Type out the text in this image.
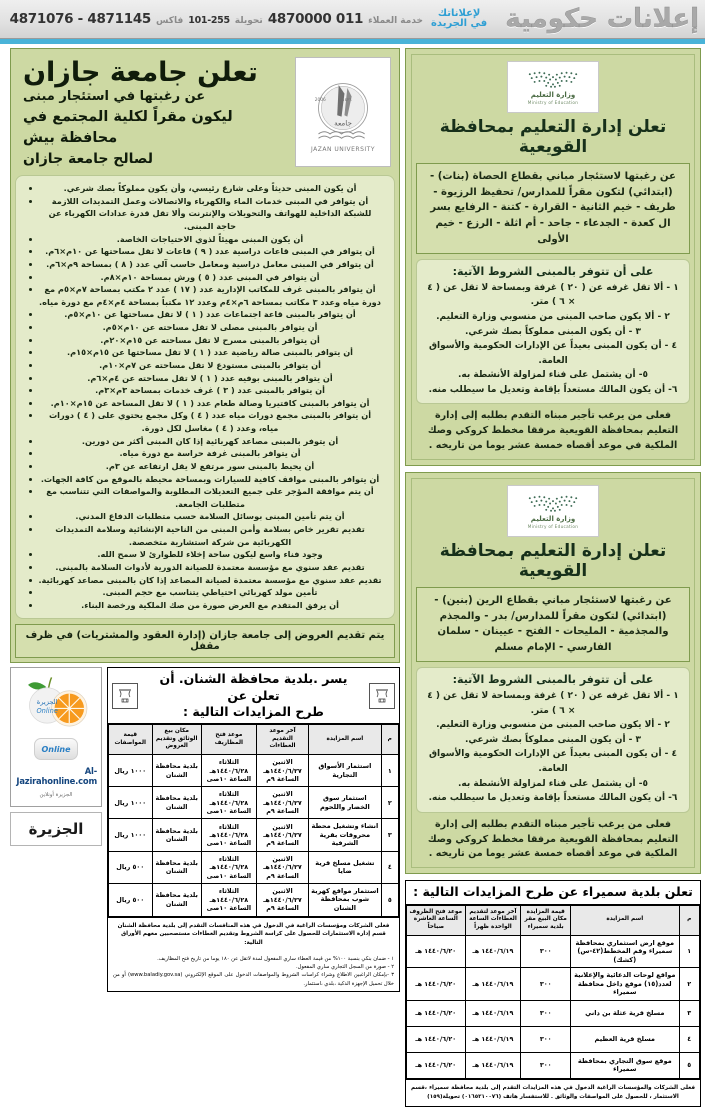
إعلانات حكومية
لإعلاناتك
في الجريدة
خدمة العملاء
011 4870000
تحويلة
101-255
فاكس
4871145 - 4871076
وزارة التعليم
Ministry of Education
تعلن إدارة التعليم بمحافظة القويعية
عن رغبتها لاستئجار مباني بقطاع الحصاة (بنات) - (ابتدائي) لتكون مقراً للمدارس/ تحفيظ الرزيوة - طريف - خيم الثانية - القرارة - كتنة - الرفايع بسر ال كعدة - الجدعاء - جاحد - أم اثلة - الرزع - خيم الأولى
على أن تتوفر بالمبنى الشروط الآتية:
١ - ألا تقل غرفه عن ( ٢٠ ) غرفة وبمساحة لا تقل عن ( ٤ × ٦ ) متر.
٢ - ألا يكون صاحب المبنى من منسوبي وزارة التعليم.
٣ - أن يكون المبنى مملوكاً بصك شرعي.
٤ - أن يكون المبنى بعيداً عن الإدارات الحكومية والأسواق العامة.
٥- أن يشتمل على فناء لمزاولة الأنشطة به.
٦- أن يكون المالك مستعداً بإقامة وتعديل ما سيطلب منه.
فعلى من يرغب تأجير مبناه التقدم بطلبه إلى إدارة التعليم بمحافظة القويعية مرفقا مخطط كروكي وصك الملكية في موعد أقصاه خمسة عشر يوما من تاريخه .
وزارة التعليم
Ministry of Education
تعلن إدارة التعليم بمحافظة القويعية
عن رغبتها لاستئجار مباني بقطاع الرين (بنين) - (ابتدائي) لتكون مقراً للمدارس/ بدر - والمجذم والمجذمية - المليحات - الفتح - عيينان - سلمان الفارسي - الإمام مسلم
على أن تتوفر بالمبنى الشروط الآتية:
١ - ألا تقل غرفه عن ( ٢٠ ) غرفة وبمساحة لا تقل عن ( ٤ × ٦ ) متر.
٢ - ألا يكون صاحب المبنى من منسوبي وزارة التعليم.
٣ - أن يكون المبنى مملوكاً بصك شرعي.
٤ - أن يكون المبنى بعيداً عن الإدارات الحكومية والأسواق العامة.
٥- أن يشتمل على فناء لمزاولة الأنشطة به.
٦- أن يكون المالك مستعداً بإقامة وتعديل ما سيطلب منه.
فعلى من يرغب تأجير مبناه التقدم بطلبه إلى إدارة التعليم بمحافظة القويعية مرفقا مخطط كروكي وصك الملكية في موعد أقصاه خمسة عشر يوما من تاريخه .
تعلن بلدية سميراء عن طرح المزايدات التالية :
م	اسم المزايدة	قيمة المزايدة مكان البيع مقر بلدية سميراء	آخر موعد لتقديم العطاءات الساعة الواحدة ظهراً	موعد فتح الظروف الساعة العاشرة صباحاً
١	موقع ارض استثماري بمحافظة سميراء وقم المخطط(٤٢-س) (كشك)	٣٠٠	١٤٤٠/٦/١٩ هـ	١٤٤٠/٦/٢٠ هـ
٢	مواقع لوحات الدعائية والإعلانية لعدد(١٥) موقع داخل محافظة سميراء	٣٠٠	١٤٤٠/٦/١٩ هـ	١٤٤٠/٦/٢٠ هـ
٣	مسلخ قرية عثلة بن داني	٣٠٠	١٤٤٠/٦/١٩ هـ	١٤٤٠/٦/٢٠ هـ
٤	مسلخ قرية العظيم	٣٠٠	١٤٤٠/٦/١٩ هـ	١٤٤٠/٦/٢٠ هـ
٥	موقع سوق التجاري بمحافظة سميراء	٣٠٠	١٤٤٠/٦/١٩ هـ	١٤٤٠/٦/٢٠ هـ
فعلى الشركات والمؤسسات الراغبة الدخول في هذه المزايدات التقدم إلى بلدية محافظة سميراء ،قسم الاستثمار ، للحصول على المواصفات والوثائق . للاستفسار هاتف (٠١٦٥٢١٠٠٧٦) تحويلة(١٥٩)
2006	١٤٢٦
جامعة
JAZAN UNIVERSITY
تعلن جامعة جازان
عن رغبتها في استئجار مبنى
ليكون مقراً لكلية المجتمع في محافظة بيش
لصالح جامعة جازان
أن يكون المبنى حديثاً وعلى شارع رئيسي، وأن يكون مملوكاً بصك شرعي.
أن يتوافر في المبنى خدمات الماء والكهرباء والاتصالات وعمل التمديدات اللازمة للشبكة الداخلية للهواتف والتحويلات والإنترنت وألا تقل قدرة عدادات الكهرباء عن حاجة المبنى.
أن يكون المبنى مهيئاً لذوي الاحتياجات الخاصة.
أن يتوافر في المبنى قاعات دراسية عدد ( ٩ ) قاعات لا تقل مساحتها عن ١٠م×٦م.
أن يتوافر في المبنى معامل دراسية ومعامل حاسب آلي عدد ( ٨ ) بمساحة ٩م×٦م.
أن يتوافر في المبنى عدد ( ٥ ) ورش بمساحة ١٠م×٨م.
أن يتوافر بالمبنى غرف للمكاتب الإدارية عدد ( ١٧ ) عدد ٢ مكتب بمساحة ٧م×٥م مع دورة مياه وعدد ٣ مكاتب بمساحة ٦م×٤م وعدد ١٢ مكتباً بمساحة ٤م×٤م مع دورة مياه.
أن يتوافر بالمبنى قاعة اجتماعات عدد ( ١ ) لا تقل مساحتها عن ١٠م×٥م.
أن يتوافر بالمبنى مصلى لا تقل مساحته عن ١٠م×٥م.
أن يتوافر بالمبنى مسرح لا تقل مساحته عن ١٥م×٢٠م.
أن يتوافر بالمبنى صالة رياضية عدد ( ١ ) لا تقل مساحتها عن ١٥م×١٥م.
أن يتوافر بالمبنى مستودع لا تقل مساحته عن ٧م×١٠م.
أن يتوافر بالمبنى بوفيه عدد ( ١ ) لا تقل مساحته عن ٤م×٦م.
أن يتوافر بالمبنى عدد ( ٣ ) غرف خدمات بمساحة ٣م×٣م.
أن يتوافر بالمبنى كافتيريا وصالة طعام عدد ( ١ ) لا تقل المساحة عن ١٥م×١٠م.
أن يتوافر بالمبنى مجمع دورات مياه عدد ( ٤ ) وكل مجمع يحتوي على ( ٤ ) دورات مياه، وعدد ( ٤ ) مغاسل لكل دورة.
أن يتوفر بالمبنى مصاعد كهربائية إذا كان المبنى أكثر من دورين.
أن يتوافر بالمبنى غرفة حراسة مع دورة مياه.
أن يحيط بالمبنى سور مرتفع لا يقل ارتفاعه عن ٣م.
أن يتوافر بالمبنى مواقف كافية للسيارات وبمساحة محيطة بالموقع من كافة الجهات.
أن يتم موافقة المؤجر على جميع التعديلات المطلوبة والمواصفات التي تتناسب مع متطلبات الجامعة.
أن يتم تأمين المبنى بوسائل السلامة حسب متطلبات الدفاع المدني.
تقديم تقرير خاص بسلامة وأمن المبنى من الناحية الإنشائية وسلامة التمديدات الكهربائية من شركة استشارية متخصصة.
وجود فناء واسع ليكون ساحة إخلاء للطوارئ لا سمح الله.
تقديم عقد سنوي مع مؤسسة معتمدة للصيانة الدورية لأدوات السلامة بالمبنى.
تقديم عقد سنوي مع مؤسسة معتمدة لصيانة المصاعد إذا كان بالمبنى مصاعد كهربائية.
تأمين مولد كهربائي احتياطي يتناسب مع حجم المبنى.
أن يرفق المتقدم مع العرض صورة من صك الملكية ورخصة البناء.
يتم تقديم العروض إلى جامعة جازان (إدارة العقود والمشتريات) في ظرف مقفل
يسر .بلدية محافظة الشنان. أن تعلن عن
طرح المزايدات التالية :
م	اسم المزايدة	آخر موعد التقديم العطاءات	موعد فتح المظاريف	مكان بيع الوثائق وتقديم العروض	قيمة المواصفات
١	استثمار الأسواق التجارية	الاثنين ١٤٤٠/٦/٢٧هـ الساعة ٩م	الثلاثاء ١٤٤٠/٦/٢٨هـ الساعة ١٠صى	بلدية محافظة الشنان	١٠٠٠ ريال
٢	استثمار سوق الخضار واللحوم	الاثنين ١٤٤٠/٦/٢٧هـ الساعة ٩م	الثلاثاء ١٤٤٠/٦/٢٨هـ الساعة ١٠صى	بلدية محافظة الشنان	١٠٠٠ ريال
٣	انشاء وتشغيل محطة محروقات بقرية الشرفية	الاثنين ١٤٤٠/٦/٢٧هـ الساعة ٩م	الثلاثاء ١٤٤٠/٦/٢٨هـ الساعة ١٠صى	بلدية محافظة الشنان	١٠٠٠ ريال
٤	تشغيل مسلخ قرية ضايا	الاثنين ١٤٤٠/٦/٢٧هـ الساعة ٩م	الثلاثاء ١٤٤٠/٦/٢٨هـ الساعة ١٠صى	بلدية محافظة الشنان	٥٠٠ ريال
٥	استثمار مواقع كهربة شوب بمحافظة الشنان	الاثنين ١٤٤٠/٦/٢٧هـ الساعة ٩م	الثلاثاء ١٤٤٠/٦/٢٨هـ الساعة ١٠صى	بلدية محافظة الشنان	٥٠٠ ريال
فعلى الشركات ومؤسسات الراغبة في الدخول في هذه المنافسات التقدم إلى بلدية محافظة الشنان قسم إدارة الاستثمارات للحصول على كراسة الشروط وتقديم العطاءات مستصحبين معهم الأوراق التالية:
١ - ضمان بنكي بنسبة ١٠٠% من قيمة العطاء ساري المفعول لمدة لاتقل عن ١٨٠ يوما من تاريخ فتح المظاريف.
٢ - صورة من السجل التجاري ساري المفعول.
٣ -بإمكان الراغبين الاطلاع وشراء كراسات الشروط والمواصفات الدخول على الموقع الإلكتروني (www.baladiy.gov.sa) أو من خلال تحميل الإجهزة الذكية ،بلدي ،استثمار.
الجزيرة
Online
Online
Al-Jazirahonline.com
الجزيرة أونلاين
الجزيرة
